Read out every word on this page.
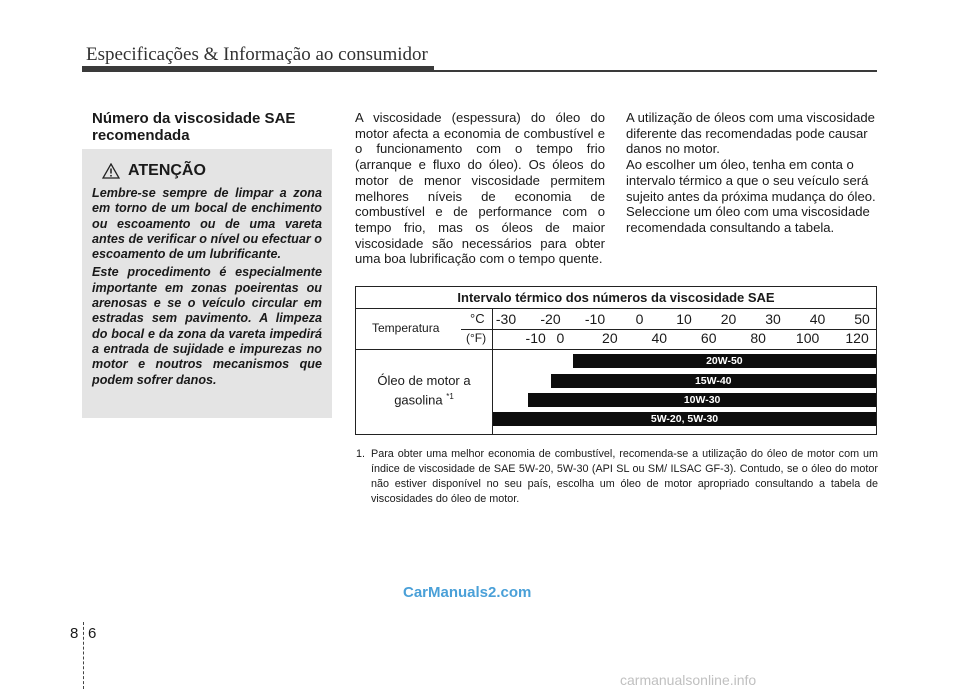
Especificações & Informação ao consumidor
Número da viscosidade SAE recomendada
ATENÇÃO

Lembre-se sempre de limpar a zona em torno de um bocal de enchimento ou escoamento ou de uma vareta antes de verificar o nível ou efectuar o escoamento de um lubrificante.

Este procedimento é especialmente importante em zonas poeirentas ou arenosas e se o veículo circular em estradas sem pavimento. A limpeza do bocal e da zona da vareta impedirá a entrada de sujidade e impurezas no motor e noutros mecanismos que podem sofrer danos.

A viscosidade (espessura) do óleo do motor afecta a economia de combustível e o funcionamento com o tempo frio (arranque e fluxo do óleo). Os óleos do motor de menor viscosidade permitem melhores níveis de economia de combustível e de performance com o tempo frio, mas os óleos de maior viscosidade são necessários para obter uma boa lubrificação com o tempo quente.

A utilização de óleos com uma viscosidade diferente das recomendadas pode causar danos no motor.

Ao escolher um óleo, tenha em conta o intervalo térmico a que o seu veículo será sujeito antes da próxima mudança do óleo.

Seleccione um óleo com uma viscosidade recomendada consultando a tabela.

Intervalo térmico dos números da viscosidade SAE
Temperatura
°C
(°F)
Óleo de motor a gasolina $^{*1}$
-30 -20 -10 0 10 20 30 40 50
-10 0	20 40 60 80 100 120
20W-50
15W-40
10W-30
5W-20, 5W-30
1. Para obter uma melhor economia de combustível, recomenda-se a utilização do óleo de motor com um índice de viscosidade de SAE 5W-20, 5W-30 (API SL ou SM/ ILSAC GF-3). Contudo, se o óleo do motor não estiver disponível no seu país, escolha um óleo de motor apropriado consultando a tabela de viscosidades do óleo de motor.
CarManuals2.com
8 6
carmanualsonline.info
